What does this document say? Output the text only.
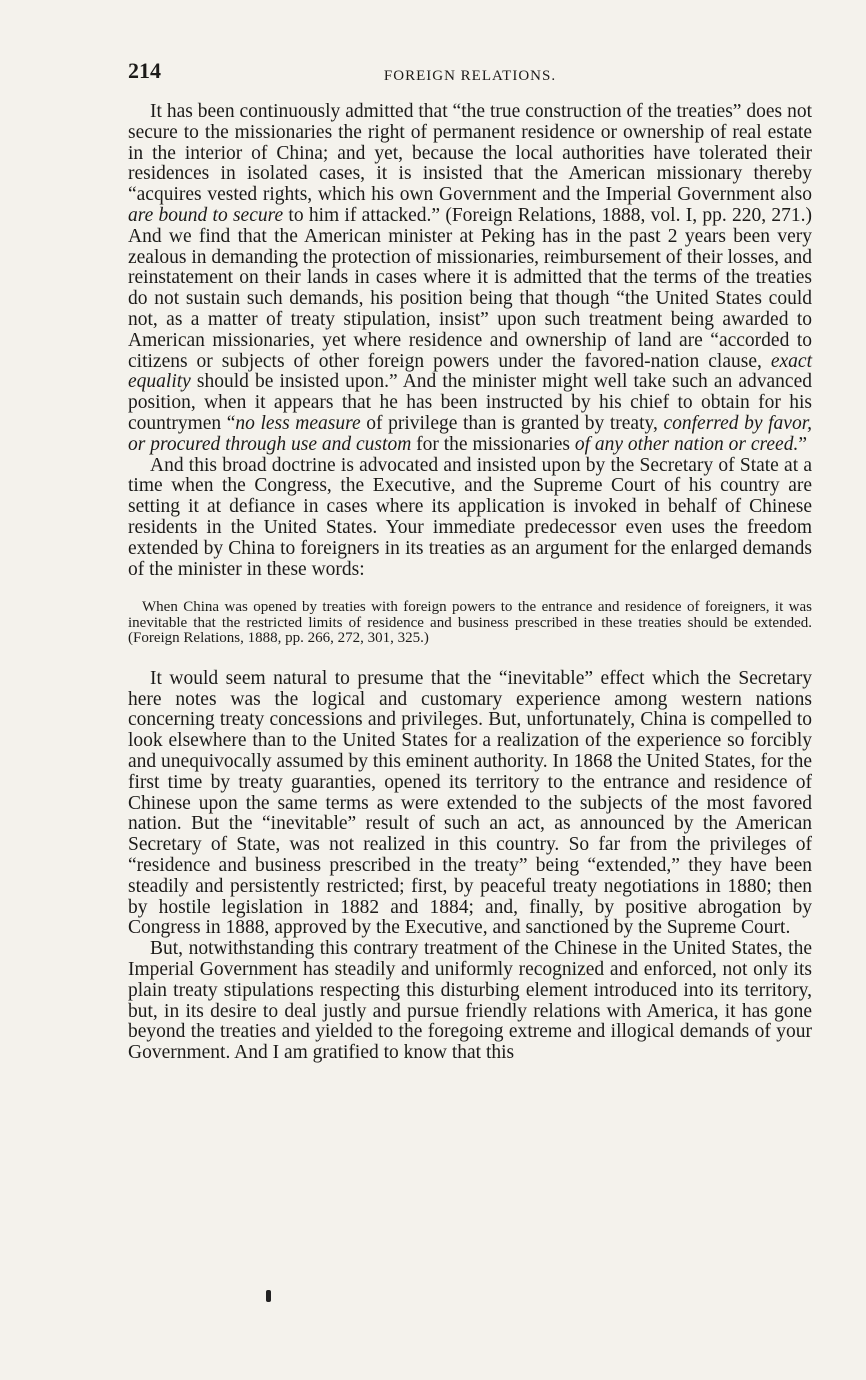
214	FOREIGN RELATIONS.

It has been continuously admitted that “the true construction of the treaties” does not secure to the missionaries the right of permanent residence or ownership of real estate in the interior of China; and yet, because the local authorities have tolerated their residences in isolated cases, it is insisted that the American missionary thereby “acquires vested rights, which his own Government and the Imperial Government also are bound to secure to him if attacked.” (Foreign Relations, 1888, vol. I, pp. 220, 271.) And we find that the American minister at Peking has in the past 2 years been very zealous in demanding the protection of missionaries, reimbursement of their losses, and reinstatement on their lands in cases where it is admitted that the terms of the treaties do not sustain such demands, his position being that though “the United States could not, as a matter of treaty stipulation, insist” upon such treatment being awarded to American missionaries, yet where residence and ownership of land are “accorded to citizens or subjects of other foreign powers under the favored-nation clause, exact equality should be insisted upon.” And the minister might well take such an advanced position, when it appears that he has been instructed by his chief to obtain for his countrymen “no less measure of privilege than is granted by treaty, conferred by favor, or procured through use and custom for the missionaries of any other nation or creed.”

And this broad doctrine is advocated and insisted upon by the Secretary of State at a time when the Congress, the Executive, and the Supreme Court of his country are setting it at defiance in cases where its application is invoked in behalf of Chinese residents in the United States. Your immediate predecessor even uses the freedom extended by China to foreigners in its treaties as an argument for the enlarged demands of the minister in these words:

When China was opened by treaties with foreign powers to the entrance and residence of foreigners, it was inevitable that the restricted limits of residence and business prescribed in these treaties should be extended. (Foreign Relations, 1888, pp. 266, 272, 301, 325.)

It would seem natural to presume that the “inevitable” effect which the Secretary here notes was the logical and customary experience among western nations concerning treaty concessions and privileges. But, unfortunately, China is compelled to look elsewhere than to the United States for a realization of the experience so forcibly and unequivocally assumed by this eminent authority. In 1868 the United States, for the first time by treaty guaranties, opened its territory to the entrance and residence of Chinese upon the same terms as were extended to the subjects of the most favored nation. But the “inevitable” result of such an act, as announced by the American Secretary of State, was not realized in this country. So far from the privileges of “residence and business prescribed in the treaty” being “extended,” they have been steadily and persistently restricted; first, by peaceful treaty negotiations in 1880; then by hostile legislation in 1882 and 1884; and, finally, by positive abrogation by Congress in 1888, approved by the Executive, and sanctioned by the Supreme Court.

But, notwithstanding this contrary treatment of the Chinese in the United States, the Imperial Government has steadily and uniformly recognized and enforced, not only its plain treaty stipulations respecting this disturbing element introduced into its territory, but, in its desire to deal justly and pursue friendly relations with America, it has gone beyond the treaties and yielded to the foregoing extreme and illogical demands of your Government. And I am gratified to know that this
